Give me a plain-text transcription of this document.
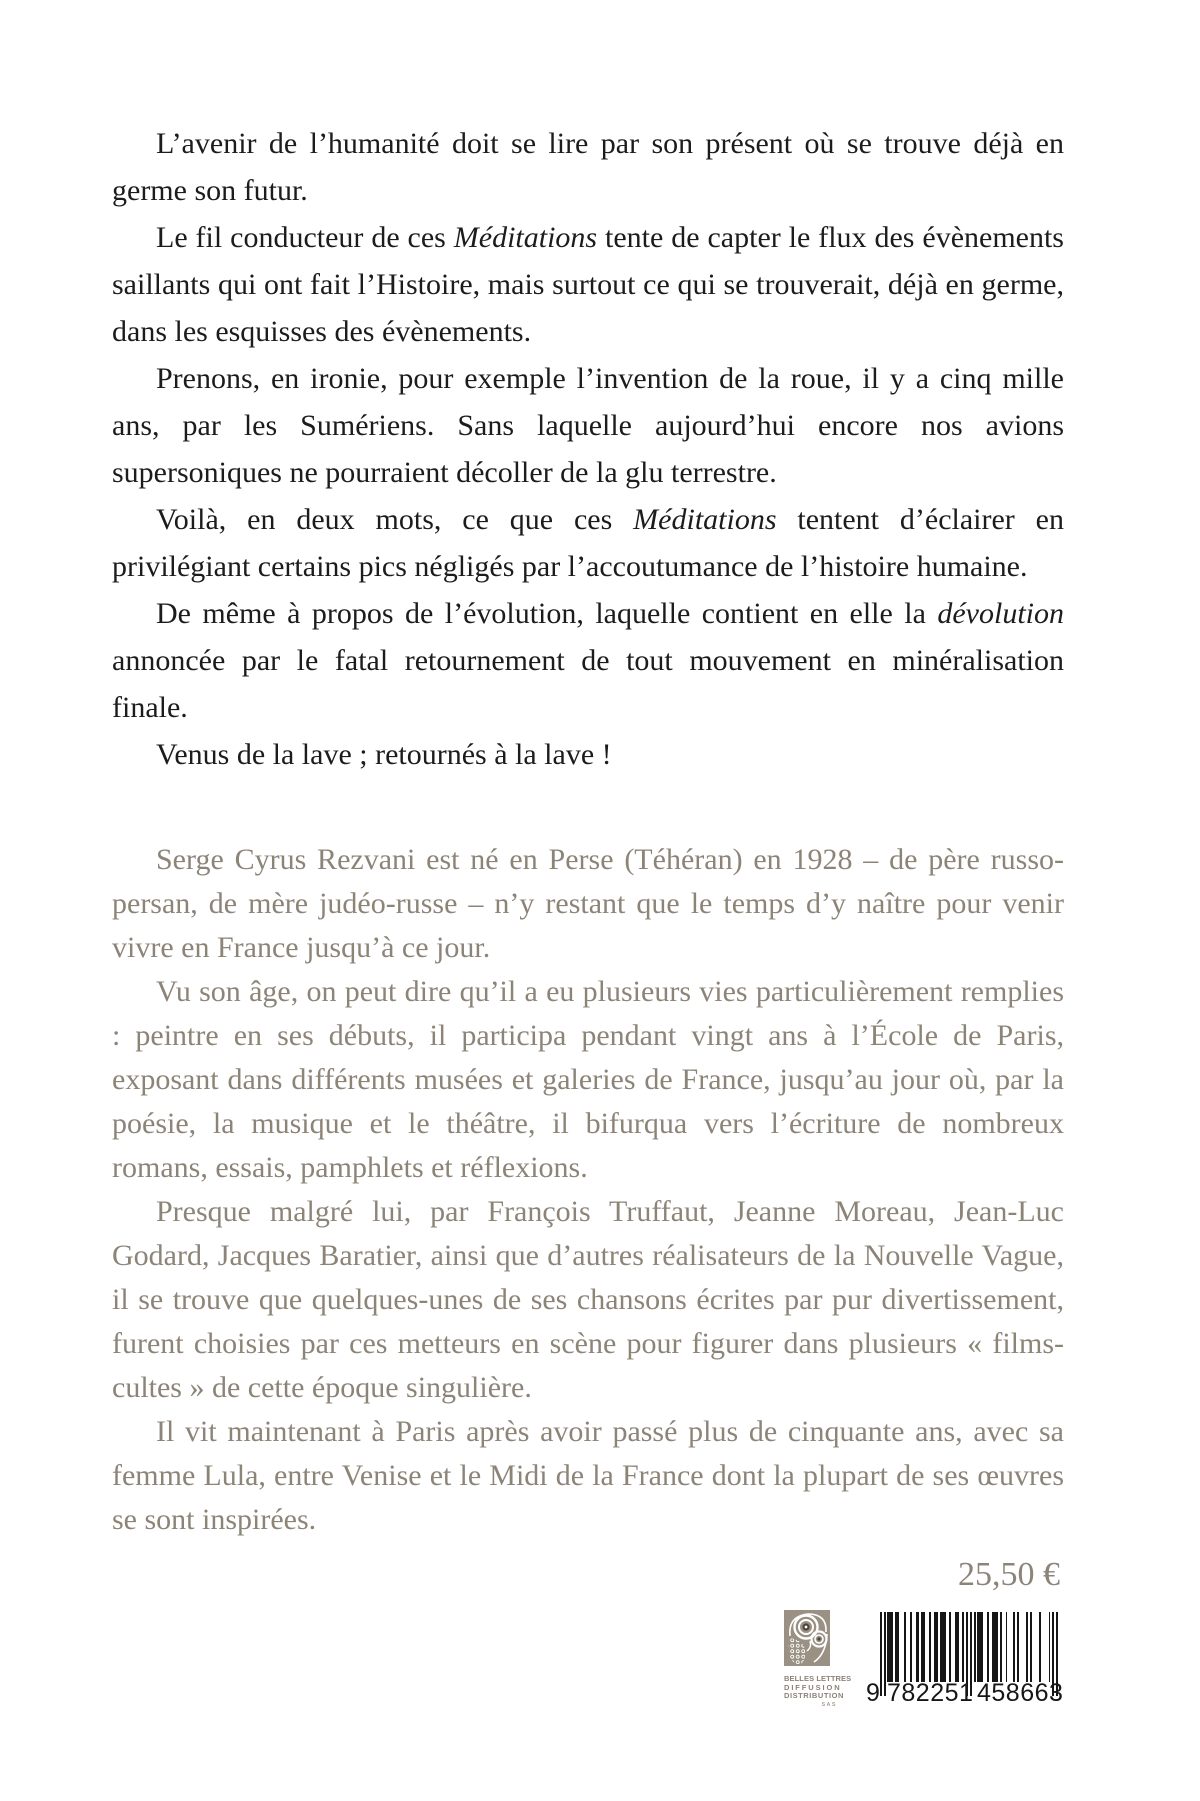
L’avenir de l’humanité doit se lire par son présent où se trouve déjà en germe son futur.

Le fil conducteur de ces Méditations tente de capter le flux des évènements saillants qui ont fait l’Histoire, mais surtout ce qui se trouverait, déjà en germe, dans les esquisses des évènements.

Prenons, en ironie, pour exemple l’invention de la roue, il y a cinq mille ans, par les Sumériens. Sans laquelle aujourd’hui encore nos avions supersoniques ne pourraient décoller de la glu terrestre.

Voilà, en deux mots, ce que ces Méditations tentent d’éclairer en privilégiant certains pics négligés par l’accoutumance de l’histoire humaine.

De même à propos de l’évolution, laquelle contient en elle la dévolution annoncée par le fatal retournement de tout mouvement en minéralisation finale.

Venus de la lave ; retournés à la lave !

Serge Cyrus Rezvani est né en Perse (Téhéran) en 1928 – de père russo-persan, de mère judéo-russe – n’y restant que le temps d’y naître pour venir vivre en France jusqu’à ce jour.

Vu son âge, on peut dire qu’il a eu plusieurs vies particulièrement remplies : peintre en ses débuts, il participa pendant vingt ans à l’École de Paris, exposant dans différents musées et galeries de France, jusqu’au jour où, par la poésie, la musique et le théâtre, il bifurqua vers l’écriture de nombreux romans, essais, pamphlets et réflexions.

Presque malgré lui, par François Truffaut, Jeanne Moreau, Jean-Luc Godard, Jacques Baratier, ainsi que d’autres réalisateurs de la Nouvelle Vague, il se trouve que quelques-unes de ses chansons écrites par pur divertissement, furent choisies par ces metteurs en scène pour figurer dans plusieurs « films-cultes » de cette époque singulière.

Il vit maintenant à Paris après avoir passé plus de cinquante ans, avec sa femme Lula, entre Venise et le Midi de la France dont la plupart de ses œuvres se sont inspirées.

25,50 €
BELLES LETTRES
DIFFUSION
DISTRIBUTION
SAS 9 782251 458663
